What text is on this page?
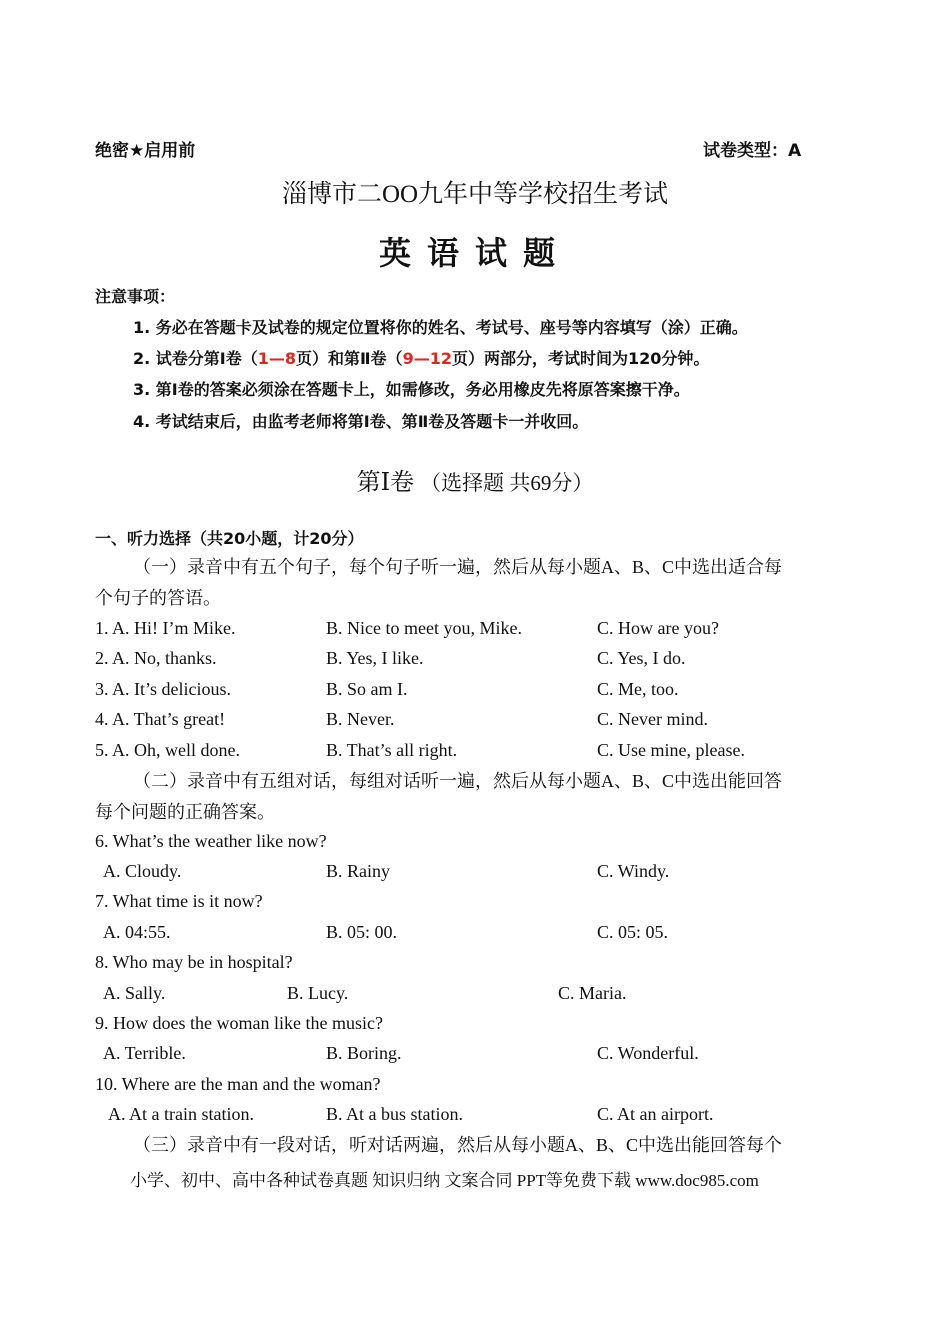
绝密★启用前	试卷类型：A
淄博市二OO九年中等学校招生考试
英语试题
注意事项：
1. 务必在答题卡及试卷的规定位置将你的姓名、考试号、座号等内容填写（涂）正确。
2. 试卷分第Ⅰ卷（1—8页）和第Ⅱ卷（9—12页）两部分，考试时间为120分钟。
3. 第Ⅰ卷的答案必须涂在答题卡上，如需修改，务必用橡皮先将原答案擦干净。
4. 考试结束后，由监考老师将第Ⅰ卷、第Ⅱ卷及答题卡一并收回。
第Ⅰ卷 （选择题 共69分）
一、听力选择（共20小题，计20分）
（一）录音中有五个句子，每个句子听一遍，然后从每小题A、B、C中选出适合每
个句子的答语。
1. A. Hi! I’m Mike.	B. Nice to meet you, Mike.	C. How are you?
2. A. No, thanks.	B. Yes, I like.	C. Yes, I do.
3. A. It’s delicious.	B. So am I.	C. Me, too.
4. A. That’s great!	B. Never.	C. Never mind.
5. A. Oh, well done.	B. That’s all right.	C. Use mine, please.
（二）录音中有五组对话，每组对话听一遍，然后从每小题A、B、C中选出能回答
每个问题的正确答案。
6. What’s the weather like now?
A. Cloudy.	B. Rainy	C. Windy.
7. What time is it now?
A. 04:55.	B. 05: 00.	C. 05: 05.
8. Who may be in hospital?
A. Sally.	B. Lucy.	C. Maria.
9. How does the woman like the music?
A. Terrible.	B. Boring.	C. Wonderful.
10. Where are the man and the woman?
A. At a train station.	B. At a bus station.	C. At an airport.
（三）录音中有一段对话，听对话两遍，然后从每小题A、B、C中选出能回答每个
小学、初中、高中各种试卷真题 知识归纳 文案合同 PPT等免费下载 www.doc985.com
